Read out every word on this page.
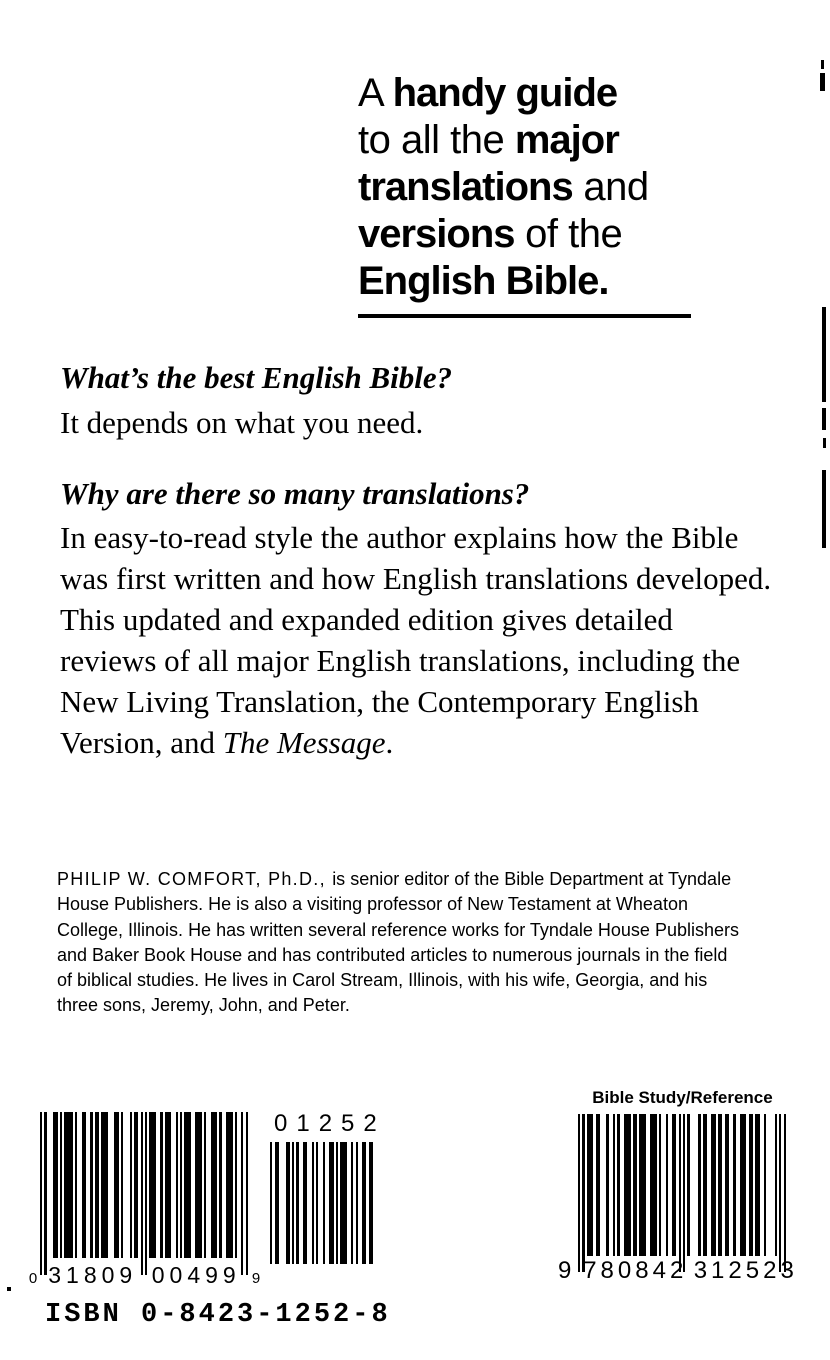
A handy guide
to all the major
translations and
versions of the
English Bible.
What’s the best English Bible?
It depends on what you need.
Why are there so many translations?
In easy-to-read style the author explains how the Bible was first written and how English translations developed. This updated and expanded edition gives detailed reviews of all major English translations, including the New Living Translation, the Contemporary English Version, and The Message.
PHILIP W. COMFORT, Ph.D., is senior editor of the Bible Department at Tyndale House Publishers. He is also a visiting professor of New Testament at Wheaton College, Illinois. He has written several reference works for Tyndale House Publishers and Baker Book House and has contributed articles to numerous journals in the field of biblical studies. He lives in Carol Stream, Illinois, with his wife, Georgia, and his three sons, Jeremy, John, and Peter.
0 31809 00499 9
01252
Bible Study/Reference
9 780842 312523
ISBN 0-8423-1252-8
